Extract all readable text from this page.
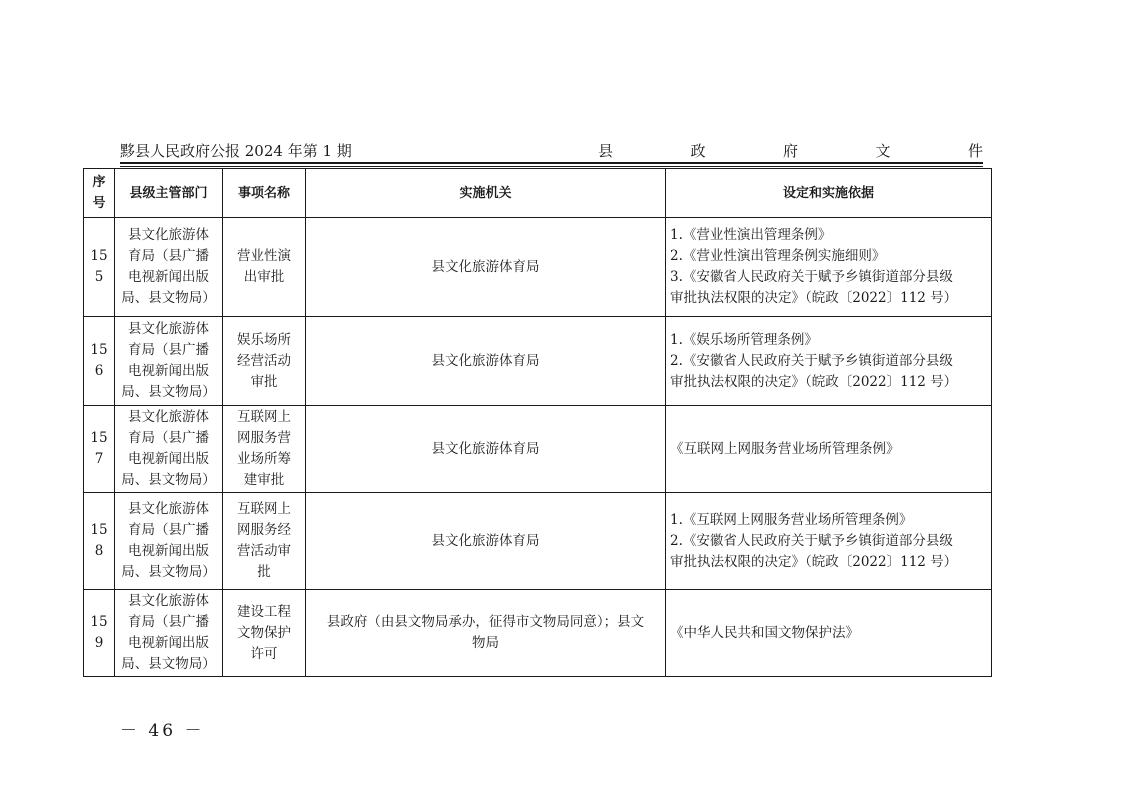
黟县人民政府公报 2024 年第 1 期	县	政	府	文	件
序
号	县级主管部门	事项名称	实施机关	设定和实施依据

15
5	县文化旅游体
育局（县广播
电视新闻出版
局、县文物局）	营业性演
出审批	县文化旅游体育局	1.《营业性演出管理条例》
2.《营业性演出管理条例实施细则》
3.《安徽省人民政府关于赋予乡镇街道部分县级
审批执法权限的决定》（皖政〔2022〕112 号）

15
6	县文化旅游体
育局（县广播
电视新闻出版
局、县文物局）	娱乐场所
经营活动
审批	县文化旅游体育局	1.《娱乐场所管理条例》
2.《安徽省人民政府关于赋予乡镇街道部分县级
审批执法权限的决定》（皖政〔2022〕112 号）

15
7	县文化旅游体
育局（县广播
电视新闻出版
局、县文物局）	互联网上
网服务营
业场所筹
建审批	县文化旅游体育局	《互联网上网服务营业场所管理条例》

15
8	县文化旅游体
育局（县广播
电视新闻出版
局、县文物局）	互联网上
网服务经
营活动审
批	县文化旅游体育局	1.《互联网上网服务营业场所管理条例》
2.《安徽省人民政府关于赋予乡镇街道部分县级
审批执法权限的决定》（皖政〔2022〕112 号）

15
9	县文化旅游体
育局（县广播
电视新闻出版
局、县文物局）	建设工程
文物保护
许可	县政府（由县文物局承办，征得市文物局同意）；县文
物局	《中华人民共和国文物保护法》
－ 46 －
